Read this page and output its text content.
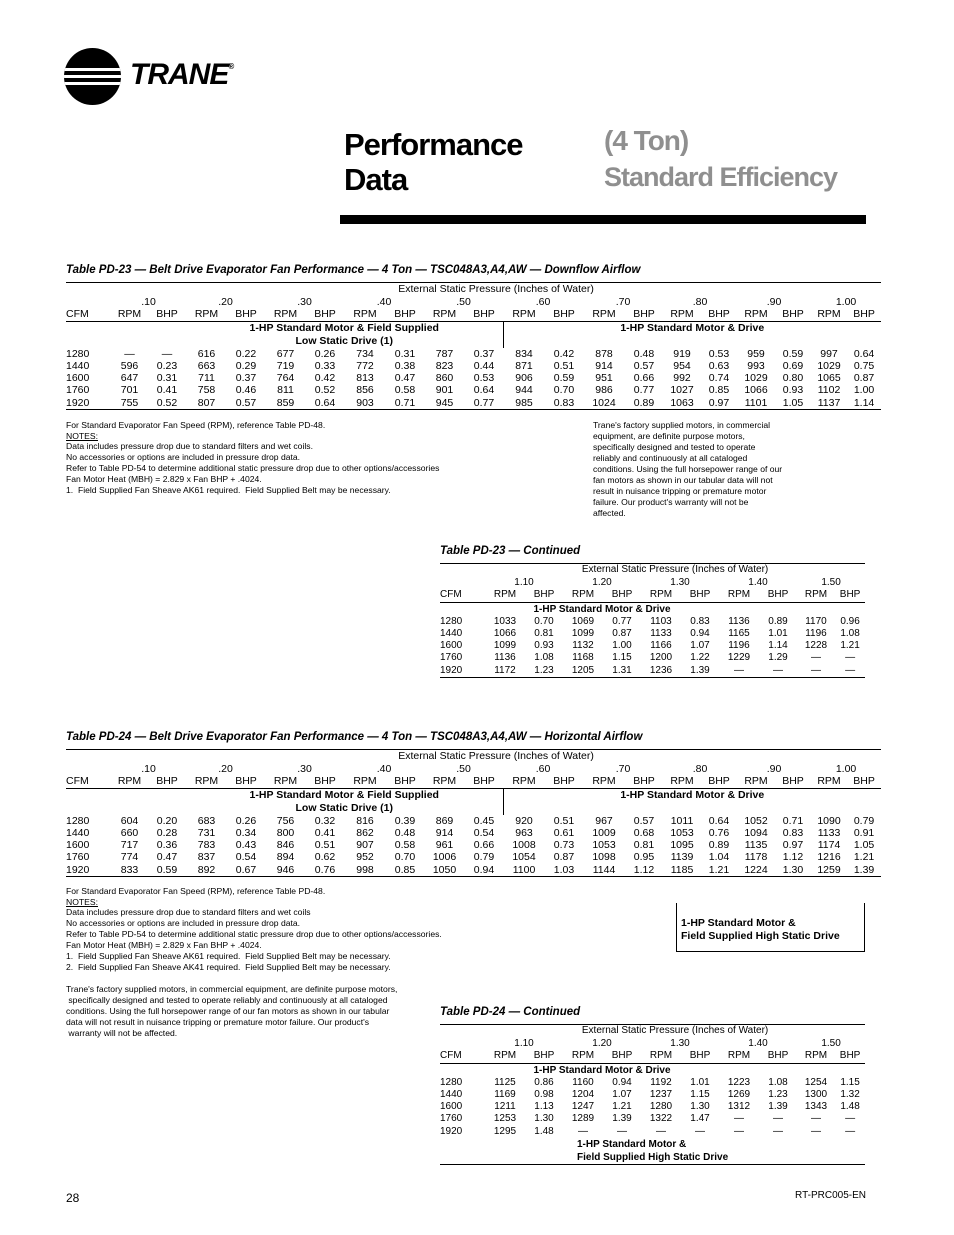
TRANE®
Performance
Data
(4 Ton)
Standard Efficiency
Table PD-23 — Belt Drive Evaporator Fan Performance — 4 Ton — TSC048A3,A4,AW — Downflow Airflow
	External Static Pressure (Inches of Water)																			
	.10		.20		.30		.40		.50		.60		.70		.80		.90		1.00	
CFM	RPM	BHP	RPM	BHP	RPM	BHP	RPM	BHP	RPM	BHP	RPM	BHP	RPM	BHP	RPM	BHP	RPM	BHP	RPM	BHP
			1-HP Standard Motor & Field Supplied								1-HP Standard Motor & Drive									
			Low Static Drive (1)																	
1280	—	—	616	0.22	677	0.26	734	0.31	787	0.37	834	0.42	878	0.48	919	0.53	959	0.59	997	0.64
1440	596	0.23	663	0.29	719	0.33	772	0.38	823	0.44	871	0.51	914	0.57	954	0.63	993	0.69	1029	0.75
1600	647	0.31	711	0.37	764	0.42	813	0.47	860	0.53	906	0.59	951	0.66	992	0.74	1029	0.80	1065	0.87
1760	701	0.41	758	0.46	811	0.52	856	0.58	901	0.64	944	0.70	986	0.77	1027	0.85	1066	0.93	1102	1.00
1920	755	0.52	807	0.57	859	0.64	903	0.71	945	0.77	985	0.83	1024	0.89	1063	0.97	1101	1.05	1137	1.14
For Standard Evaporator Fan Speed (RPM), reference Table PD-48.
NOTES:
Data includes pressure drop due to standard filters and wet coils.
No accessories or options are included in pressure drop data.
Refer to Table PD-54 to determine additional static pressure drop due to other options/accessories
Fan Motor Heat (MBH) = 2.829 x Fan BHP + .4024.
1.  Field Supplied Fan Sheave AK61 required.  Field Supplied Belt may be necessary.
Trane's factory supplied motors, in commercial
equipment, are definite purpose motors,
specifically designed and tested to operate
reliably and continuously at all cataloged
conditions. Using the full horsepower range of our
fan motors as shown in our tabular data will not
result in nuisance tripping or premature motor
failure. Our product's warranty will not be
affected.
Table PD-23 — Continued
	External Static Pressure (Inches of Water)									
	1.10		1.20		1.30		1.40		1.50	
CFM	RPM	BHP	RPM	BHP	RPM	BHP	RPM	BHP	RPM	BHP
	1-HP Standard Motor & Drive									
1280	1033	0.70	1069	0.77	1103	0.83	1136	0.89	1170	0.96
1440	1066	0.81	1099	0.87	1133	0.94	1165	1.01	1196	1.08
1600	1099	0.93	1132	1.00	1166	1.07	1196	1.14	1228	1.21
1760	1136	1.08	1168	1.15	1200	1.22	1229	1.29	—	—
1920	1172	1.23	1205	1.31	1236	1.39	—	—	—	—
Table PD-24 — Belt Drive Evaporator Fan Performance — 4 Ton — TSC048A3,A4,AW — Horizontal Airflow
	External Static Pressure (Inches of Water)																			
	.10		.20		.30		.40		.50		.60		.70		.80		.90		1.00	
CFM	RPM	BHP	RPM	BHP	RPM	BHP	RPM	BHP	RPM	BHP	RPM	BHP	RPM	BHP	RPM	BHP	RPM	BHP	RPM	BHP
			1-HP Standard Motor & Field Supplied								1-HP Standard Motor & Drive									
			Low Static Drive (1)																	
1280	604	0.20	683	0.26	756	0.32	816	0.39	869	0.45	920	0.51	967	0.57	1011	0.64	1052	0.71	1090	0.79
1440	660	0.28	731	0.34	800	0.41	862	0.48	914	0.54	963	0.61	1009	0.68	1053	0.76	1094	0.83	1133	0.91
1600	717	0.36	783	0.43	846	0.51	907	0.58	961	0.66	1008	0.73	1053	0.81	1095	0.89	1135	0.97	1174	1.05
1760	774	0.47	837	0.54	894	0.62	952	0.70	1006	0.79	1054	0.87	1098	0.95	1139	1.04	1178	1.12	1216	1.21
1920	833	0.59	892	0.67	946	0.76	998	0.85	1050	0.94	1100	1.03	1144	1.12	1185	1.21	1224	1.30	1259	1.39
For Standard Evaporator Fan Speed (RPM), reference Table PD-48.
NOTES:
Data includes pressure drop due to standard filters and wet coils
No accessories or options are included in pressure drop data.
Refer to Table PD-54 to determine additional static pressure drop due to other options/accessories.
Fan Motor Heat (MBH) = 2.829 x Fan BHP + .4024.
1.  Field Supplied Fan Sheave AK61 required.  Field Supplied Belt may be necessary.
2.  Field Supplied Fan Sheave AK41 required.  Field Supplied Belt may be necessary.
Trane's factory supplied motors, in commercial equipment, are definite purpose motors,
specifically designed and tested to operate reliably and continuously at all cataloged
conditions. Using the full horsepower range of our fan motors as shown in our tabular
data will not result in nuisance tripping or premature motor failure. Our product's
warranty will not be affected.
1-HP Standard Motor &
Field Supplied High Static Drive
Table PD-24 — Continued
	External Static Pressure (Inches of Water)									
	1.10		1.20		1.30		1.40		1.50	
CFM	RPM	BHP	RPM	BHP	RPM	BHP	RPM	BHP	RPM	BHP
	1-HP Standard Motor & Drive									
1280	1125	0.86	1160	0.94	1192	1.01	1223	1.08	1254	1.15
1440	1169	0.98	1204	1.07	1237	1.15	1269	1.23	1300	1.32
1600	1211	1.13	1247	1.21	1280	1.30	1312	1.39	1343	1.48
1760	1253	1.30	1289	1.39	1322	1.47	—	—	—	—
1920	1295	1.48	—	—	—	—	—	—	—	—
			1-HP Standard Motor &							
			Field Supplied High Static Drive							
28	RT-PRC005-EN
